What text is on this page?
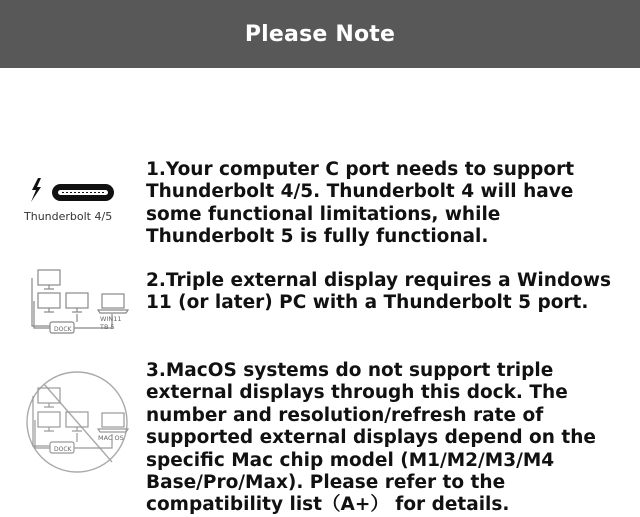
Please Note
Thunderbolt 4/5

1.Your computer C port needs to support Thunderbolt 4/5. Thunderbolt 4 will have some functional limitations, while Thunderbolt 5 is fully functional.

DOCK
WIN11
TB 5

2.Triple external display requires a Windows 11 (or later) PC with a Thunderbolt 5 port.

DOCK
MAC OS

3.MacOS systems do not support triple external displays through this dock. The number and resolution/refresh rate of supported external displays depend on the specific Mac chip model (M1/M2/M3/M4 Base/Pro/Max). Please refer to the compatibility list（A+） for details.
